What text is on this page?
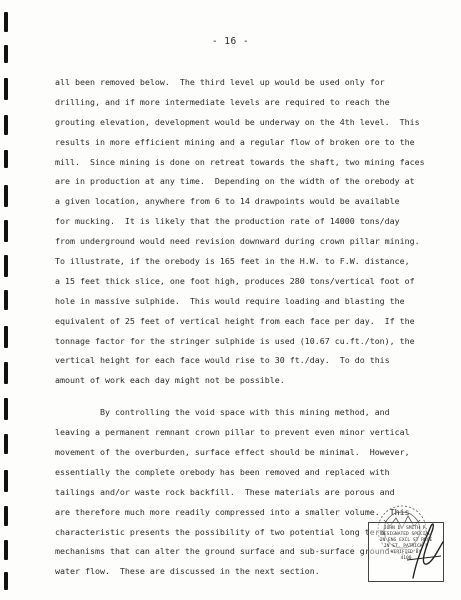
- 16 -
all been removed below.  The third level up would be used only for
drilling, and if more intermediate levels are required to reach the
grouting elevation, development would be underway on the 4th level.  This
results in more efficient mining and a regular flow of broken ore to the
mill.  Since mining is done on retreat towards the shaft, two mining faces
are in production at any time.  Depending on the width of the orebody at
a given location, anywhere from 6 to 14 drawpoints would be available
for mucking.  It is likely that the production rate of 14000 tons/day
from underground would need revision downward during crown pillar mining.
To illustrate, if the orebody is 165 feet in the H.W. to F.W. distance,
a 15 feet thick slice, one foot high, produces 280 tons/vertical foot of
hole in massive sulphide.  This would require loading and blasting the
equivalent of 25 feet of vertical height from each face per day.  If the
tonnage factor for the stringer sulphide is used (10.67 cu.ft./ton), the
vertical height for each face would rise to 30 ft./day.  To do this
amount of work each day might not be possible.
By controlling the void space with this mining method, and
leaving a permanent remnant crown pillar to prevent even minor vertical
movement of the overburden, surface effect should be minimal.  However,
essentially the complete orebody has been removed and replaced with
tailings and/or waste rock backfill.  These materials are porous and
are therefore much more readily compressed into a smaller volume.  This
characteristic presents the possibility of two potential long term
mechanisms that can alter the ground surface and sub-surface ground-
water flow.  These are discussed in the next section.
JOHN D. SMITH P.
DESIGNATED SPECIAL
IN ENG EXCL ST RECE
IN ST. PATRICK P
VERIFIED BY
4100
